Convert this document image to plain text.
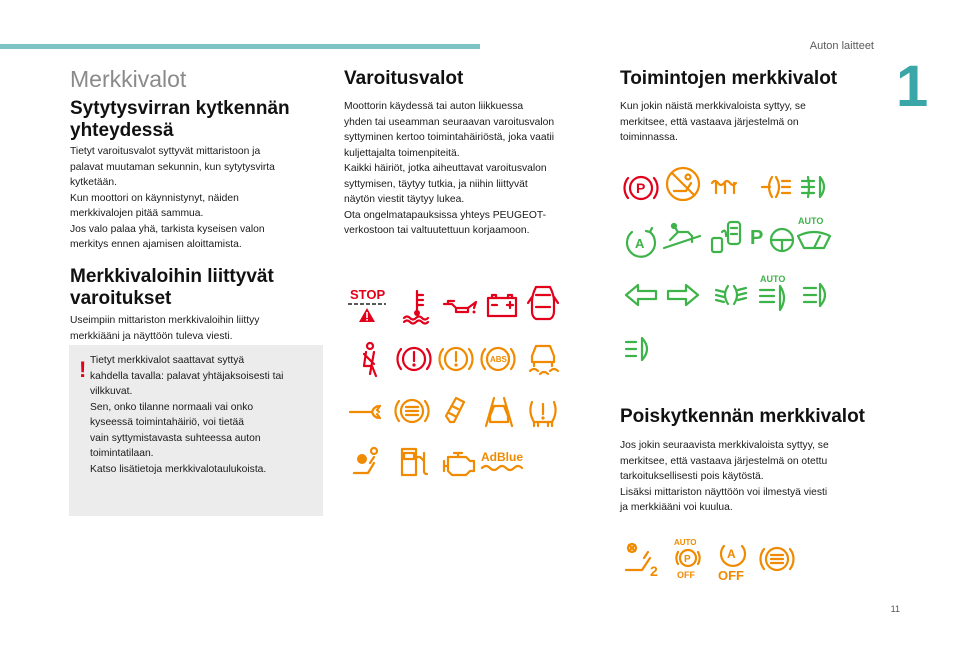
Auton laitteet
1
11
Merkkivalot
Sytytysvirran kytkennän yhteydessä

Tietyt varoitusvalot syttyvät mittaristoon ja

palavat muutaman sekunnin, kun sytytysvirta

kytketään.

Kun moottori on käynnistynyt, näiden

merkkivalojen pitää sammua.

Jos valo palaa yhä, tarkista kyseisen valon

merkitys ennen ajamisen aloittamista.

Merkkivaloihin liittyvät varoitukset

Useimpiin mittariston merkkivaloihin liittyy

merkkiääni ja näyttöön tuleva viesti.

! Tietyt merkkivalot saattavat syttyä

kahdella tavalla: palavat yhtäjaksoisesti tai

vilkkuvat.

Sen, onko tilanne normaali vai onko

kyseessä toimintahäiriö, voi tietää

vain syttymistavasta suhteessa auton

toimintatilaan.

Katso lisätietoja merkkivalotaulukoista.

Varoitusvalot

Moottorin käydessä tai auton liikkuessa

yhden tai useamman seuraavan varoitusvalon

syttyminen kertoo toimintahäiriöstä, joka vaatii

kuljettajalta toimenpiteitä.

Kaikki häiriöt, jotka aiheuttavat varoitusvalon

syttymisen, täytyy tutkia, ja niihin liittyvät

näytön viestit täytyy lukea.

Ota ongelmatapauksissa yhteys PEUGEOT-

verkostoon tai valtuutettuun korjaamoon.

STOP
ABS
AdBlue
Toimintojen merkkivalot

Kun jokin näistä merkkivaloista syttyy, se

merkitsee, että vastaava järjestelmä on

toiminnassa.

P
A	P
AUTO
AUTO
Poiskytkennän merkkivalot

Jos jokin seuraavista merkkivaloista syttyy, se

merkitsee, että vastaava järjestelmä on otettu

tarkoituksellisesti pois käytöstä.

Lisäksi mittariston näyttöön voi ilmestyä viesti

ja merkkiääni voi kuulua.

2
AUTO
P
OFF
A
OFF
